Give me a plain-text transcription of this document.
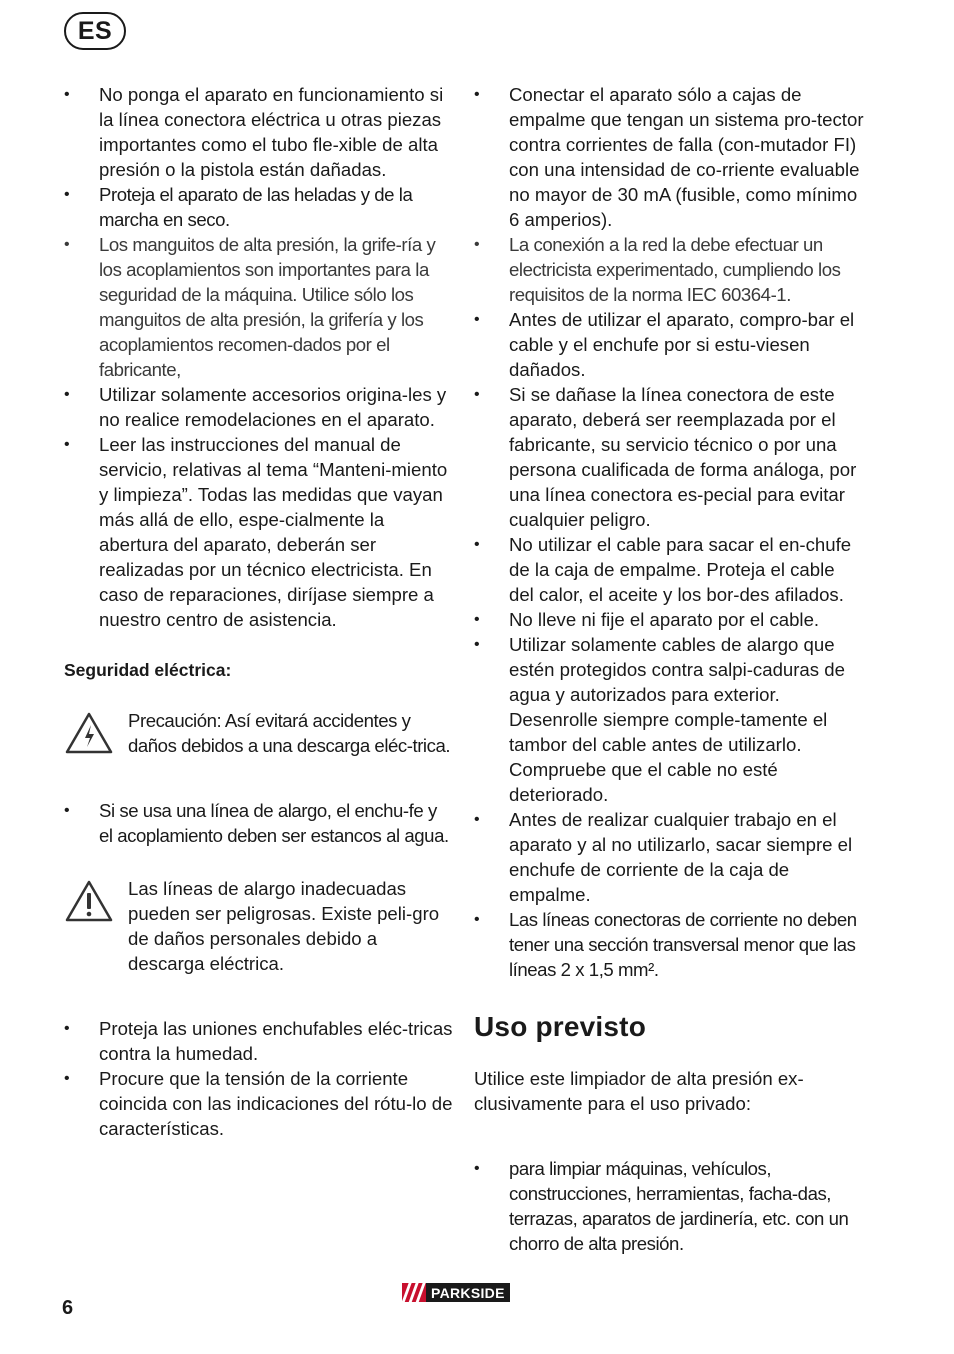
ES
• No ponga el aparato en funcionamiento si la línea conectora eléctrica u otras piezas importantes como el tubo fle-xible de alta presión o la pistola están dañadas.
• Proteja el aparato de las heladas y de la marcha en seco.
• Los manguitos de alta presión, la grife-ría y los acoplamientos son importantes para la seguridad de la máquina. Utilice sólo los manguitos de alta presión, la grifería y los acoplamientos recomen-dados por el fabricante,
• Utilizar solamente accesorios origina-les y no realice remodelaciones en el aparato.
• Leer las instrucciones del manual de servicio, relativas al tema “Manteni-miento y limpieza”. Todas las medidas que vayan más allá de ello, espe-cialmente la abertura del aparato, deberán ser realizadas por un técnico electricista. En caso de reparaciones, diríjase siempre a nuestro centro de asistencia.
Seguridad eléctrica:
Precaución: Así evitará accidentes y daños debidos a una descarga eléc-trica.
• Si se usa una línea de alargo, el enchu-fe y el acoplamiento deben ser estancos al agua.
Las líneas de alargo inadecuadas pueden ser peligrosas. Existe peli-gro de daños personales debido a descarga eléctrica.
• Proteja las uniones enchufables eléc-tricas contra la humedad.
• Procure que la tensión de la corriente coincida con las indicaciones del rótu-lo de características.
• Conectar el aparato sólo a cajas de empalme que tengan un sistema pro-tector contra corrientes de falla (con-mutador FI) con una intensidad de co-rriente evaluable no mayor de 30 mA (fusible, como mínimo 6 amperios).
• La conexión a la red la debe efectuar un electricista experimentado, cumpliendo los requisitos de la norma IEC 60364-1.
• Antes de utilizar el aparato, compro-bar el cable y el enchufe por si estu-viesen dañados.
• Si se dañase la línea conectora de este aparato, deberá ser reemplazada por el fabricante, su servicio técnico o por una persona cualificada de forma análoga, por una línea conectora es-pecial para evitar cualquier peligro.
• No utilizar el cable para sacar el en-chufe de la caja de empalme. Proteja el cable del calor, el aceite y los bor-des afilados.
• No lleve ni fije el aparato por el cable.
• Utilizar solamente cables de alargo que estén protegidos contra salpi-caduras de agua y autorizados para exterior. Desenrolle siempre comple-tamente el tambor del cable antes de utilizarlo. Compruebe que el cable no esté deteriorado.
• Antes de realizar cualquier trabajo en el aparato y al no utilizarlo, sacar siempre el enchufe de corriente de la caja de empalme.
• Las líneas conectoras de corriente no deben tener una sección transversal menor que las líneas 2 x 1,5 mm².
Uso previsto

Utilice este limpiador de alta presión ex-clusivamente para el uso privado:

• para limpiar máquinas, vehículos, construcciones, herramientas, facha-das, terrazas, aparatos de jardinería, etc. con un chorro de alta presión.
6
PARKSIDE
